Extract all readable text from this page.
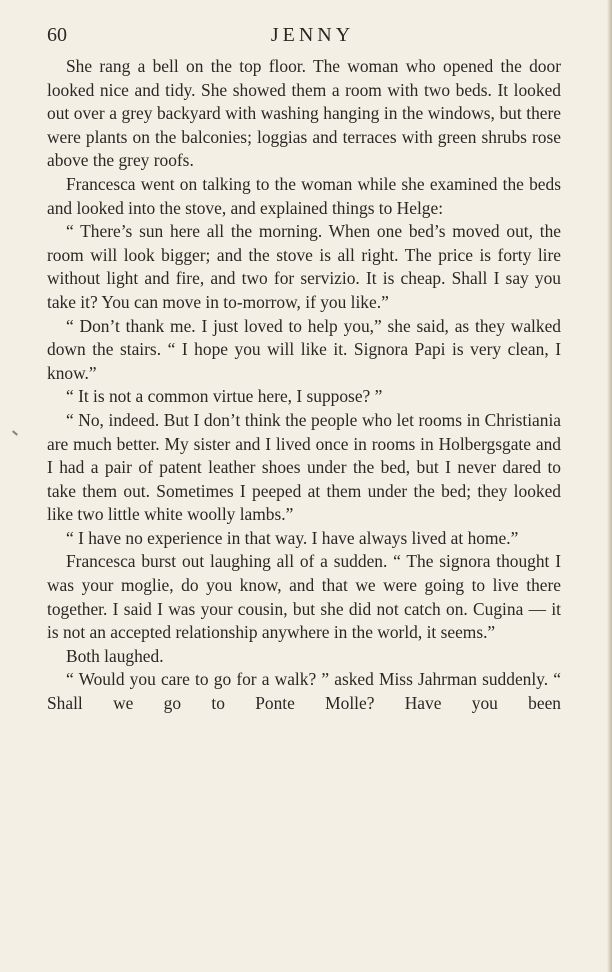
60	JENNY

She rang a bell on the top floor. The woman who opened the door looked nice and tidy. She showed them a room with two beds. It looked out over a grey backyard with washing hanging in the windows, but there were plants on the balconies; loggias and terraces with green shrubs rose above the grey roofs.

Francesca went on talking to the woman while she examined the beds and looked into the stove, and explained things to Helge:

“ There’s sun here all the morning. When one bed’s moved out, the room will look bigger; and the stove is all right. The price is forty lire without light and fire, and two for servizio. It is cheap. Shall I say you take it? You can move in to-morrow, if you like.”

“ Don’t thank me. I just loved to help you,” she said, as they walked down the stairs. “ I hope you will like it. Signora Papi is very clean, I know.”

“ It is not a common virtue here, I suppose? ”

“ No, indeed. But I don’t think the people who let rooms in Christiania are much better. My sister and I lived once in rooms in Holbergsgate and I had a pair of patent leather shoes under the bed, but I never dared to take them out. Sometimes I peeped at them under the bed; they looked like two little white woolly lambs.”

“ I have no experience in that way. I have always lived at home.”

Francesca burst out laughing all of a sudden. “ The signora thought I was your moglie, do you know, and that we were going to live there together. I said I was your cousin, but she did not catch on. Cugina — it is not an accepted relationship anywhere in the world, it seems.”

Both laughed.

“ Would you care to go for a walk? ” asked Miss Jahrman suddenly. “ Shall we go to Ponte Molle? Have you been
